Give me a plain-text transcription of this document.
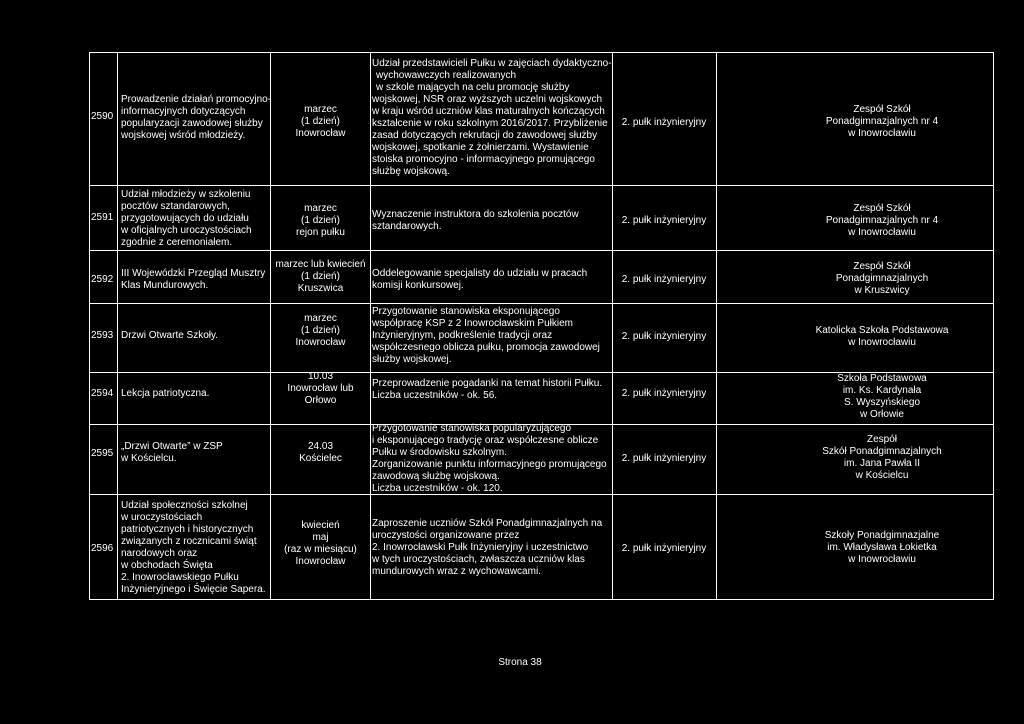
2590
Prowadzenie działań promocyjno-
informacyjnych dotyczących
popularyzacji zawodowej służby
wojskowej wśród młodzieży.
marzec
(1 dzień)
Inowrocław
Udział przedstawicieli Pułku w zajęciach dydaktyczno-
wychowawczych realizowanych
w szkole mających na celu promocję służby
wojskowej, NSR oraz wyższych uczelni wojskowych
w kraju wśród uczniów klas maturalnych kończących
kształcenie w roku szkolnym 2016/2017. Przybliżenie
zasad dotyczących rekrutacji do zawodowej służby
wojskowej, spotkanie z żołnierzami. Wystawienie
stoiska promocyjno - informacyjnego promującego
służbę wojskową.
2. pułk inżynieryjny
Zespół Szkół
Ponadgimnazjalnych nr 4
w Inowrocławiu
2591
Udział młodzieży w szkoleniu
pocztów sztandarowych,
przygotowujących do udziału
w oficjalnych uroczystościach
zgodnie z ceremoniałem.
marzec
(1 dzień)
rejon pułku
Wyznaczenie instruktora do szkolenia pocztów
sztandarowych.
2. pułk inżynieryjny
Zespół Szkół
Ponadgimnazjalnych nr 4
w Inowrocławiu
2592
III Wojewódzki Przegląd Musztry
Klas Mundurowych.
marzec lub kwiecień
(1 dzień)
Kruszwica
Oddelegowanie specjalisty do udziału w pracach
komisji konkursowej.
2. pułk inżynieryjny
Zespół Szkół
Ponadgimnazjalnych
w Kruszwicy
2593 Drzwi Otwarte Szkoły.
marzec
(1 dzień)
Inowrocław
Przygotowanie stanowiska eksponującego
współpracę KSP z 2 Inowrocławskim Pułkiem
Inżynieryjnym, podkreślenie tradycji oraz
współczesnego oblicza pułku, promocja zawodowej
służby wojskowej.
2. pułk inżynieryjny
Katolicka Szkoła Podstawowa
w Inowrocławiu
2594 Lekcja patriotyczna.
10.03
Inowrocław lub
Orłowo
Przeprowadzenie pogadanki na temat historii Pułku.
Liczba uczestników - ok. 56.	2. pułk inżynieryjny
Szkoła Podstawowa
im. Ks. Kardynała
S. Wyszyńskiego
w Orłowie
2595
„Drzwi Otwarte” w ZSP
w Kościelcu.
24.03
Kościelec
Przygotowanie stanowiska popularyzującego
i eksponującego tradycję oraz współczesne oblicze
Pułku w środowisku szkolnym.
Zorganizowanie punktu informacyjnego promującego
zawodową służbę wojskową.
Liczba uczestników - ok. 120.
2. pułk inżynieryjny
Zespół
Szkół Ponadgimnazjalnych
im. Jana Pawła II
w Kościelcu
2596
Udział społeczności szkolnej
w uroczystościach
patriotycznych i historycznych
związanych z rocznicami świąt
narodowych oraz
w obchodach Święta
2. Inowrocławskiego Pułku
Inżynieryjnego i Święcie Sapera.
kwiecień
maj
(raz w miesiącu)
Inowrocław
Zaproszenie uczniów Szkół Ponadgimnazjalnych na
uroczystości organizowane przez
2. Inowrocławski Pułk Inżynieryjny i uczestnictwo
w tych uroczystościach, zwłaszcza uczniów klas
mundurowych wraz z wychowawcami.
2. pułk inżynieryjny
Szkoły Ponadgimnazjalne
im. Władysława Łokietka
w Inowrocławiu
Strona 38
